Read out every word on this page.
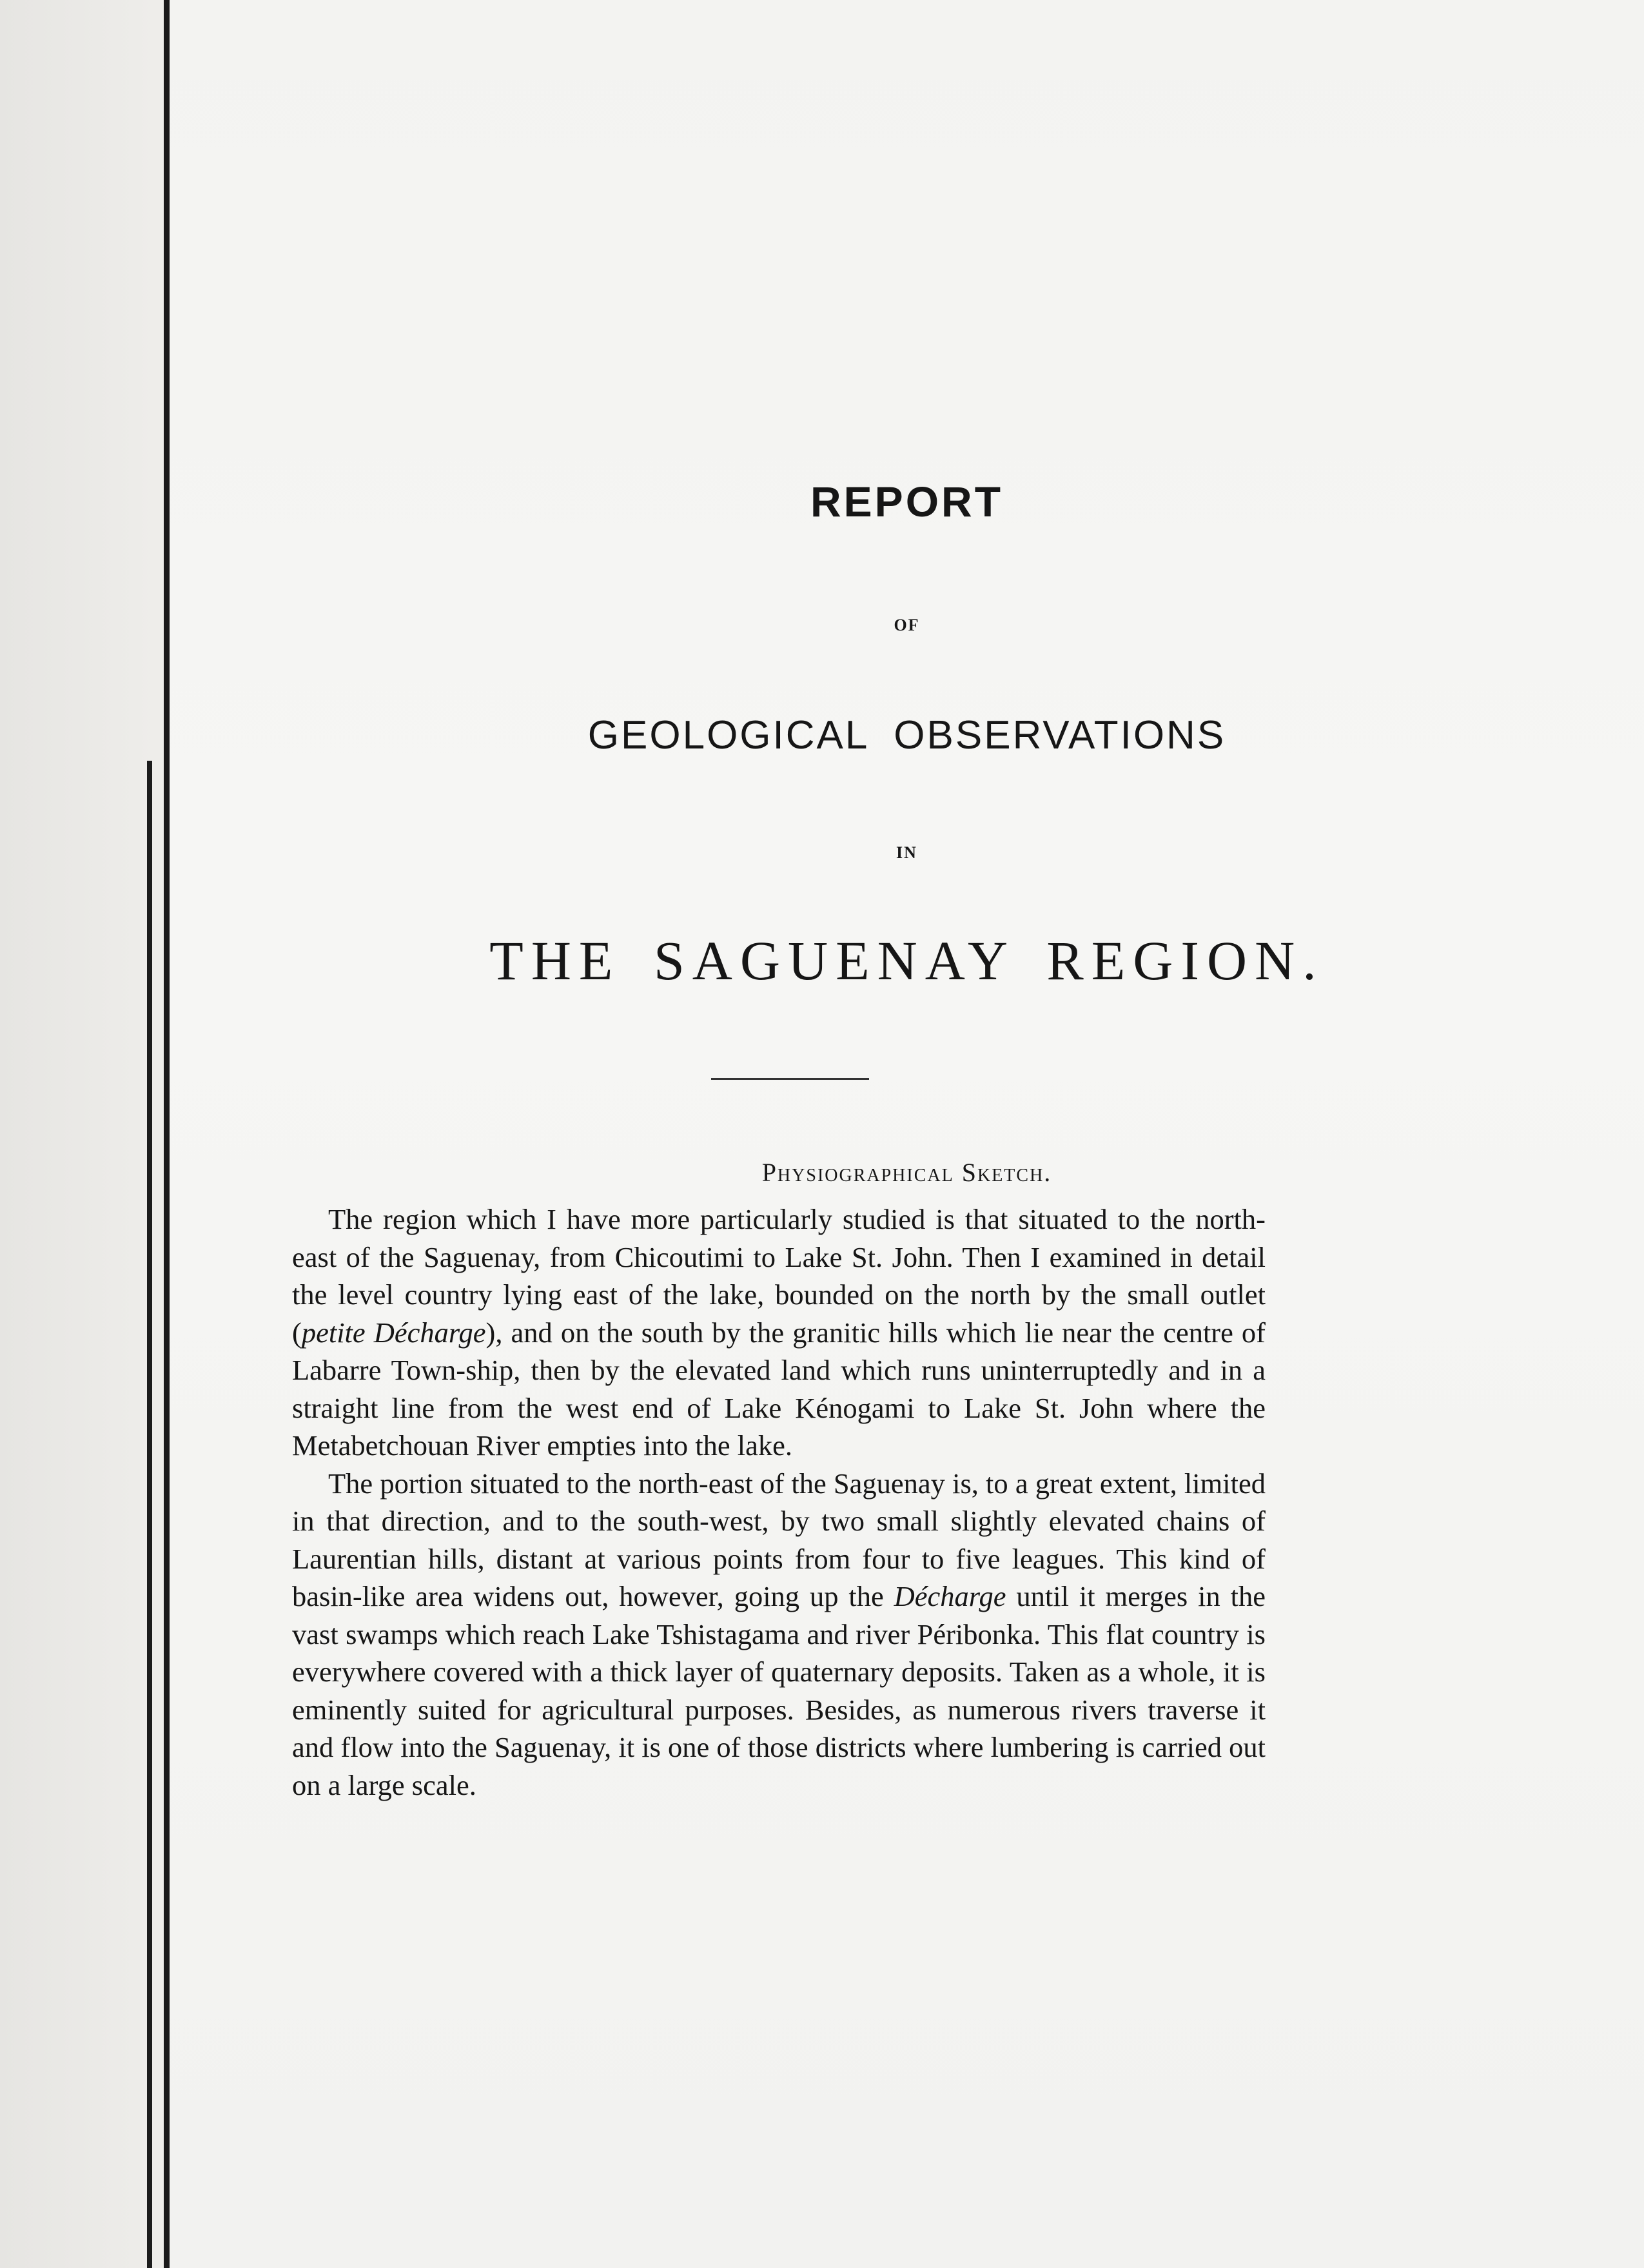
REPORT
OF
GEOLOGICAL OBSERVATIONS
IN
THE SAGUENAY REGION.
Physiographical Sketch.

The region which I have more particularly studied is that situated to the north-east of the Saguenay, from Chicoutimi to Lake St. John. Then I examined in detail the level country lying east of the lake, bounded on the north by the small outlet (petite Décharge), and on the south by the granitic hills which lie near the centre of Labarre Town-ship, then by the elevated land which runs uninterruptedly and in a straight line from the west end of Lake Kénogami to Lake St. John where the Metabetchouan River empties into the lake.

The portion situated to the north-east of the Saguenay is, to a great extent, limited in that direction, and to the south-west, by two small slightly elevated chains of Laurentian hills, distant at various points from four to five leagues. This kind of basin-like area widens out, however, going up the Décharge until it merges in the vast swamps which reach Lake Tshistagama and river Péribonka. This flat country is everywhere covered with a thick layer of quaternary deposits. Taken as a whole, it is eminently suited for agricultural purposes. Besides, as numerous rivers traverse it and flow into the Saguenay, it is one of those districts where lumbering is carried out on a large scale.
